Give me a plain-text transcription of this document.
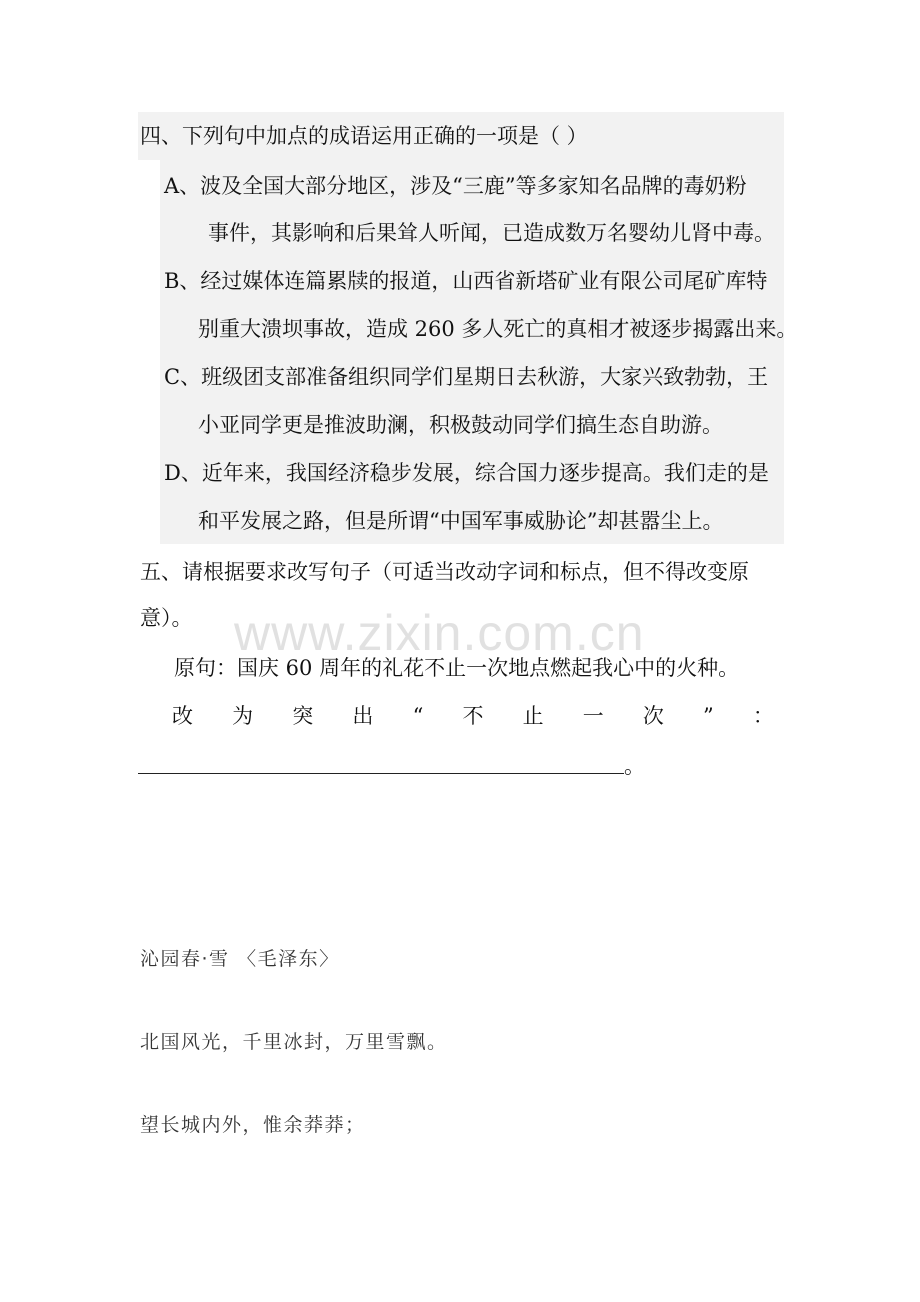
四、下列句中加点的成语运用正确的一项是（ ）
A、波及全国大部分地区，涉及“三鹿”等多家知名品牌的毒奶粉
事件，其影响和后果耸人听闻，已造成数万名婴幼儿肾中毒。
B、经过媒体连篇累牍的报道，山西省新塔矿业有限公司尾矿库特
别重大溃坝事故，造成 260 多人死亡的真相才被逐步揭露出来。
C、班级团支部准备组织同学们星期日去秋游，大家兴致勃勃，王
小亚同学更是推波助澜，积极鼓动同学们搞生态自助游。
D、近年来，我国经济稳步发展，综合国力逐步提高。我们走的是
和平发展之路，但是所谓“中国军事威胁论”却甚嚣尘上。
五、请根据要求改写句子（可适当改动字词和标点，但不得改变原
意）。 www.zixin.com.cn
原句：国庆 60 周年的礼花不止一次地点燃起我心中的火种。
改 为 突 出 “ 不 止 一 次 ” ：
。
沁园春·雪 〈毛泽东〉
北国风光，千里冰封，万里雪飘。
望长城内外，惟余莽莽；
